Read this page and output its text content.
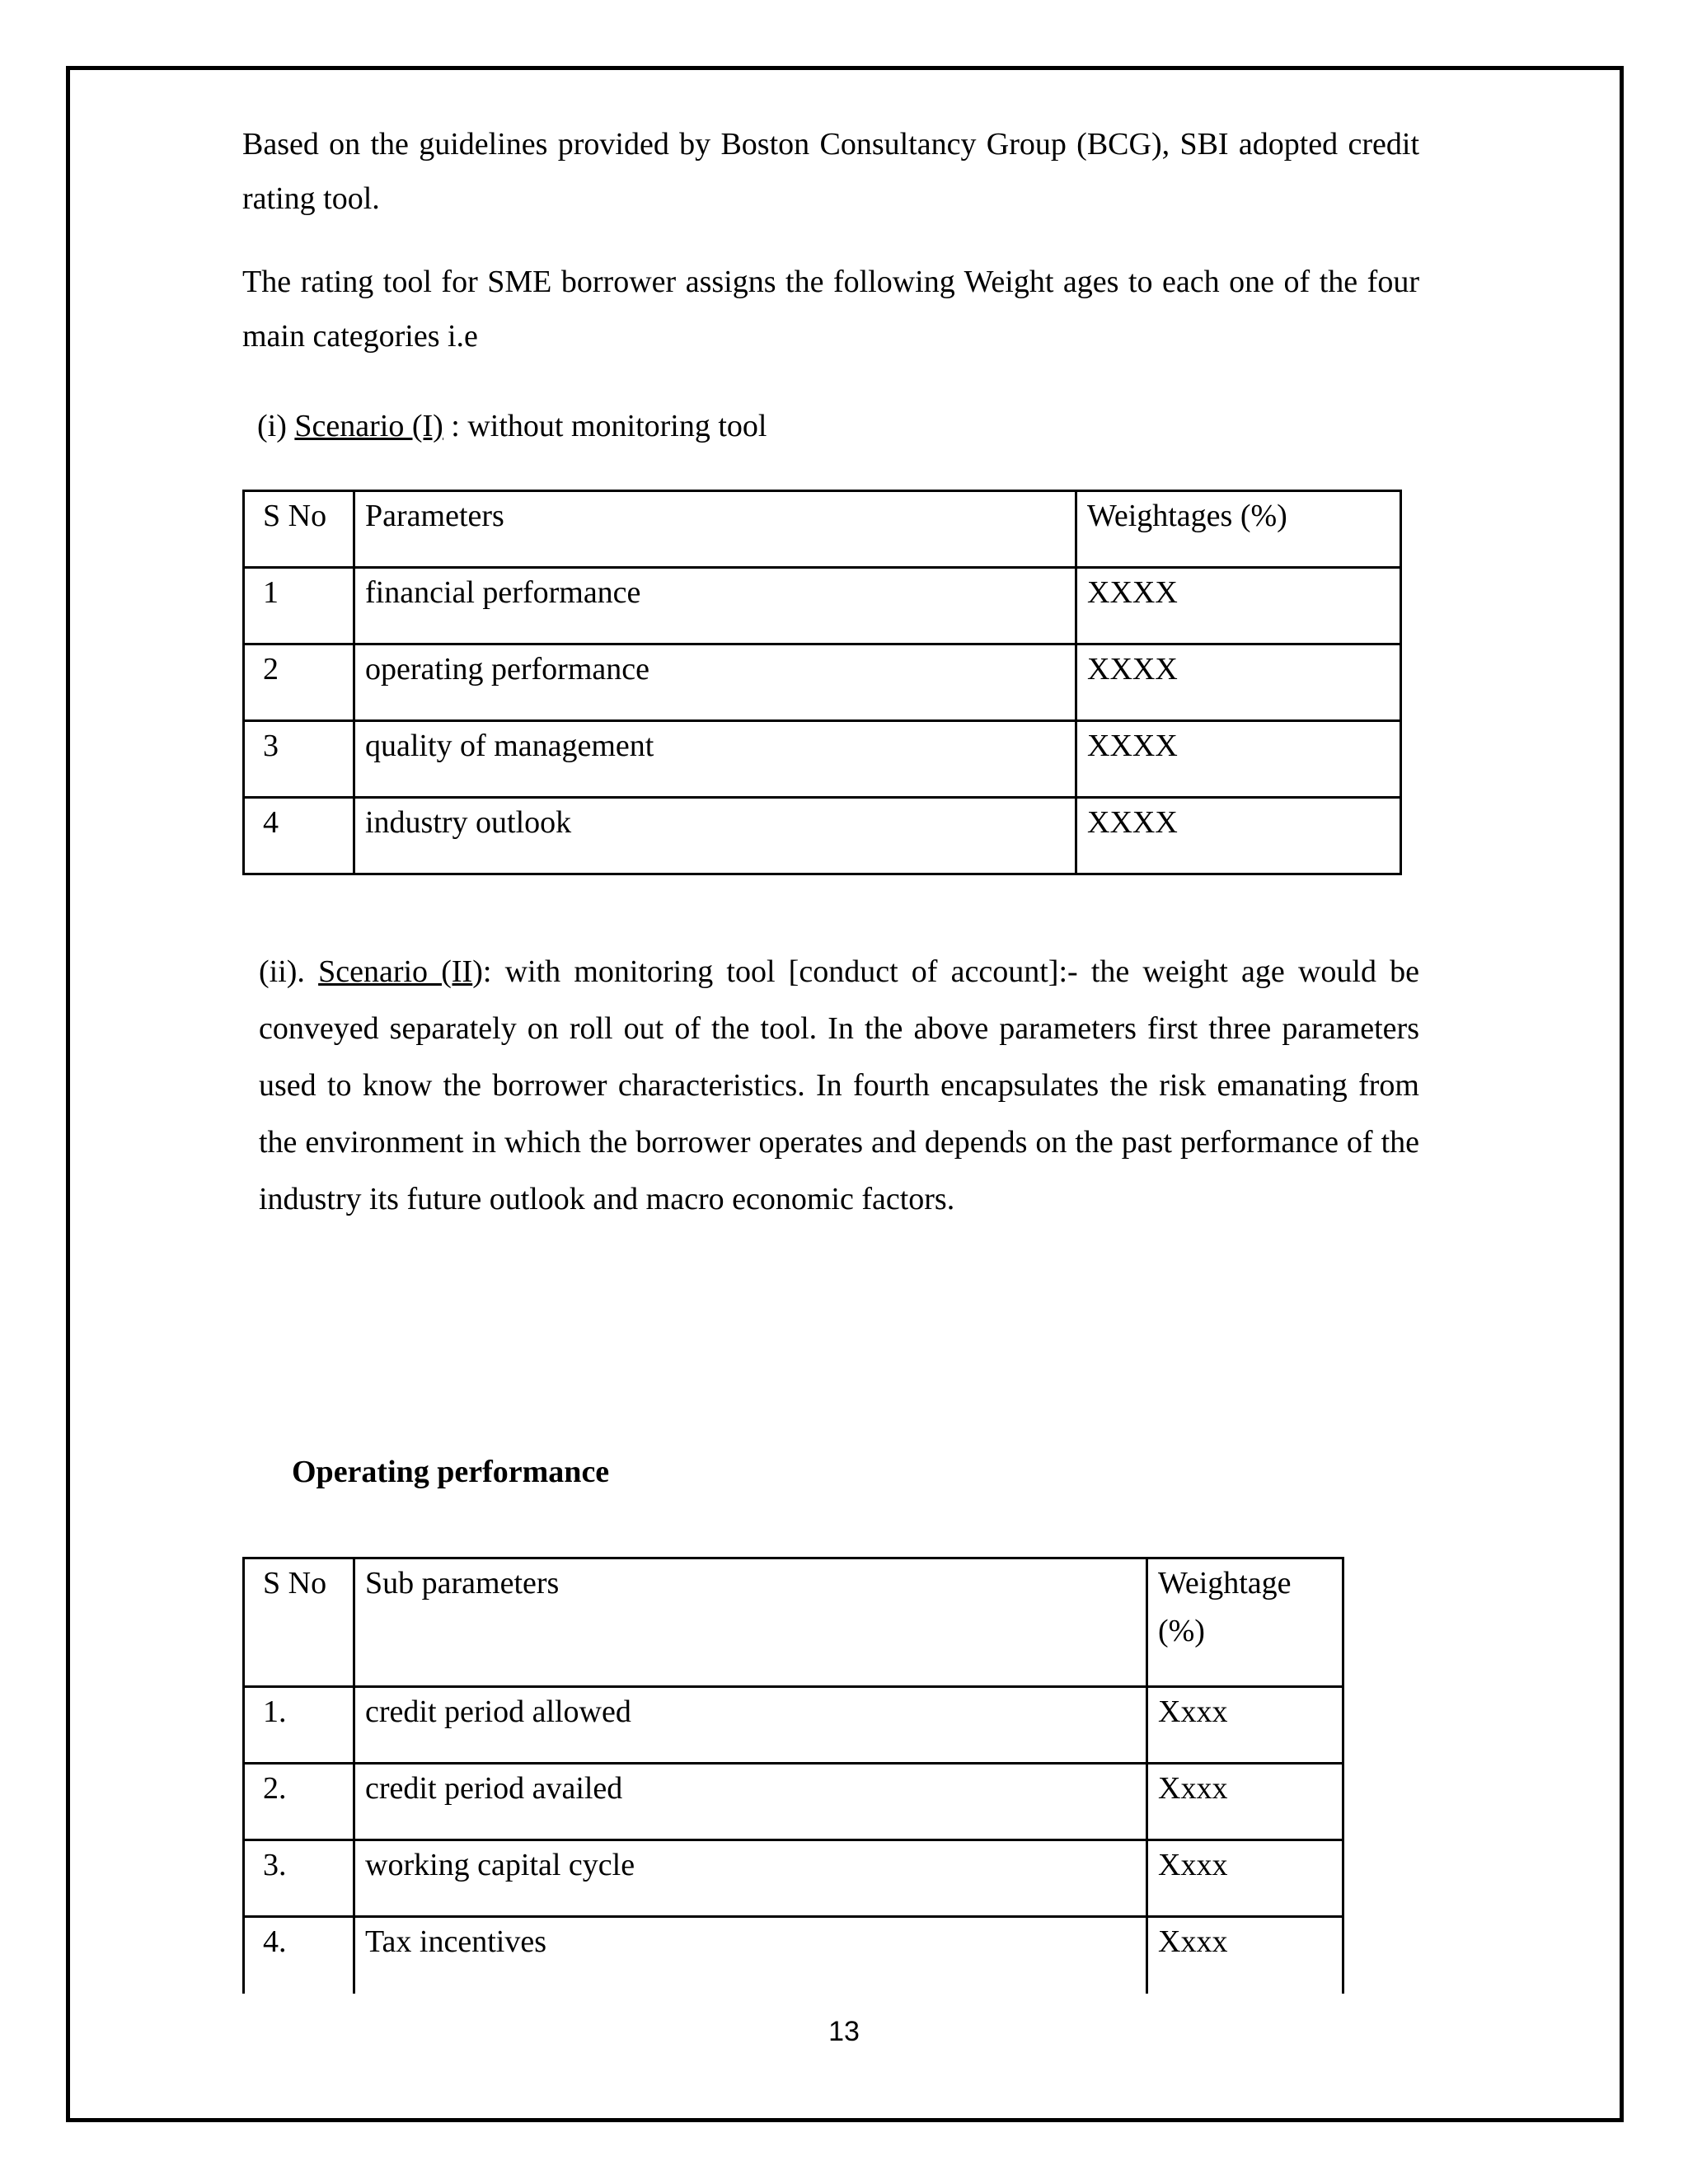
Based on the guidelines provided by Boston Consultancy Group (BCG), SBI adopted credit rating tool.

The rating tool for SME borrower assigns the following Weight ages to each one of the four main categories i.e

(i) Scenario (I) : without monitoring tool

S No	Parameters	Weightages (%)
1	financial performance	XXXX
2	operating performance	XXXX
3	quality of management	XXXX
4	industry outlook	XXXX

(ii). Scenario (II): with monitoring tool [conduct of account]:- the weight age would be conveyed separately on roll out of the tool. In the above parameters first three parameters used to know the borrower characteristics. In fourth encapsulates the risk emanating from the environment in which the borrower operates and depends on the past performance of the industry its future outlook and macro economic factors.

Operating performance
S No	Sub parameters	Weightage (%)
1.	credit period allowed	Xxxx
2.	credit period availed	Xxxx
3.	working capital cycle	Xxxx
4.	Tax incentives	Xxxx
13
